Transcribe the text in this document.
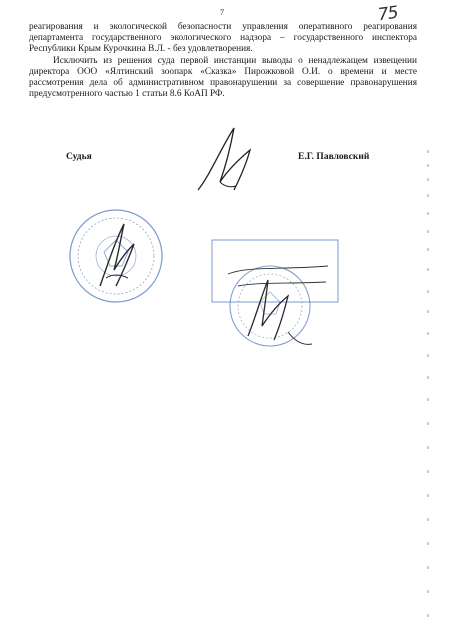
7	75

реагирования и экологической безопасности управления оперативного реагирования департамента государственного экологического надзора – государственного инспектора Республики Крым Курочкина В.Л. - без удовлетворения.

Исключить из решения суда первой инстанции выводы о ненадлежащем извещении директора ООО «Ялтинский зоопарк «Сказка» Пирожковой О.И. о времени и месте рассмотрения дела об административном правонарушении за совершение правонарушения предусмотренного частью 1 статьи 8.6 КоАП РФ.

Судья	Е.Г. Павловский
